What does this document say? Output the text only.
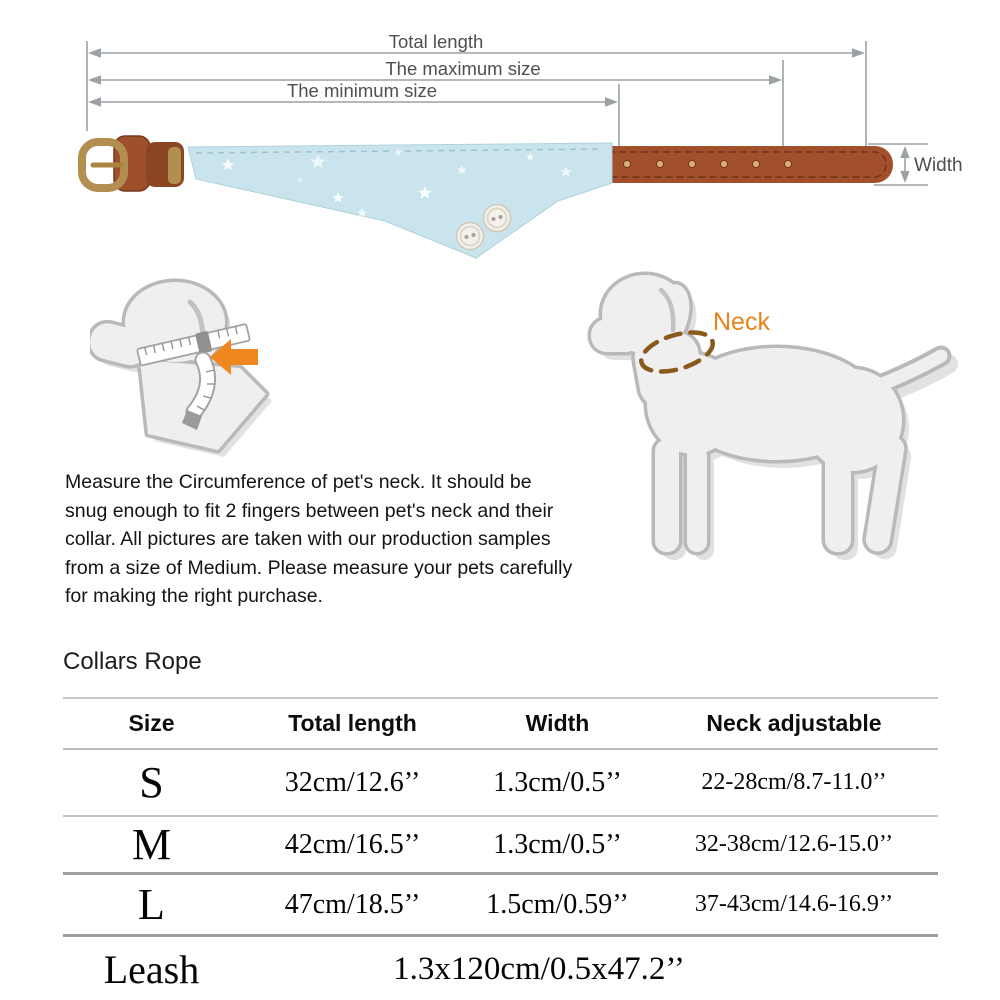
Total length
The maximum size
The minimum size
Width
Neck
Measure the Circumference of pet's neck. It should be
snug enough to fit 2 fingers between pet's neck and their
collar. All pictures are taken with our production samples
from a size of Medium. Please measure your pets carefully
for making the right purchase.
Collars Rope
Size	Total length	Width	Neck adjustable
S	32cm/12.6’’	1.3cm/0.5’’	22-28cm/8.7-11.0’’
M	42cm/16.5’’	1.3cm/0.5’’	32-38cm/12.6-15.0’’
L	47cm/18.5’’	1.5cm/0.59’’	37-43cm/14.6-16.9’’
Leash	1.3x120cm/0.5x47.2’’
